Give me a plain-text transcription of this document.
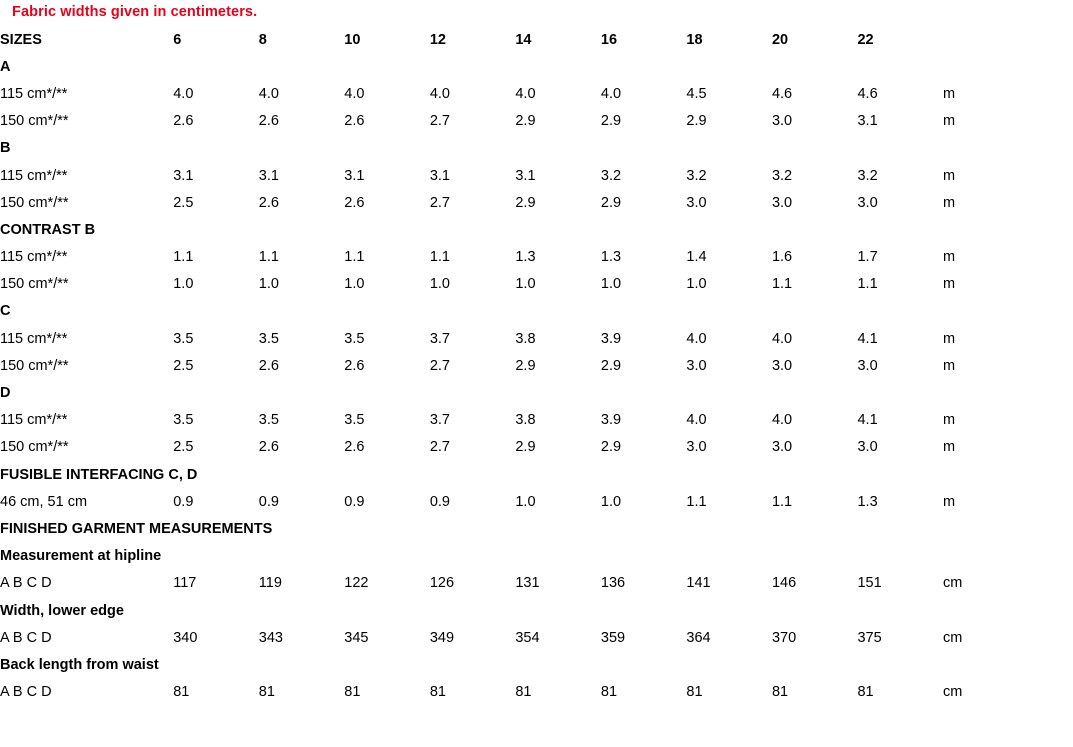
Fabric widths given in centimeters.
SIZES	6	8	10	12	14	16	18	20	22	
A										
115 cm*/**	4.0	4.0	4.0	4.0	4.0	4.0	4.5	4.6	4.6	m
150 cm*/**	2.6	2.6	2.6	2.7	2.9	2.9	2.9	3.0	3.1	m
B										
115 cm*/**	3.1	3.1	3.1	3.1	3.1	3.2	3.2	3.2	3.2	m
150 cm*/**	2.5	2.6	2.6	2.7	2.9	2.9	3.0	3.0	3.0	m
CONTRAST B										
115 cm*/**	1.1	1.1	1.1	1.1	1.3	1.3	1.4	1.6	1.7	m
150 cm*/**	1.0	1.0	1.0	1.0	1.0	1.0	1.0	1.1	1.1	m
C										
115 cm*/**	3.5	3.5	3.5	3.7	3.8	3.9	4.0	4.0	4.1	m
150 cm*/**	2.5	2.6	2.6	2.7	2.9	2.9	3.0	3.0	3.0	m
D										
115 cm*/**	3.5	3.5	3.5	3.7	3.8	3.9	4.0	4.0	4.1	m
150 cm*/**	2.5	2.6	2.6	2.7	2.9	2.9	3.0	3.0	3.0	m
FUSIBLE INTERFACING C, D										
46 cm, 51 cm	0.9	0.9	0.9	0.9	1.0	1.0	1.1	1.1	1.3	m
FINISHED GARMENT MEASUREMENTS										
Measurement at hipline										
A B C D	117	119	122	126	131	136	141	146	151	cm
Width, lower edge										
A B C D	340	343	345	349	354	359	364	370	375	cm
Back length from waist										
A B C D	81	81	81	81	81	81	81	81	81	cm
